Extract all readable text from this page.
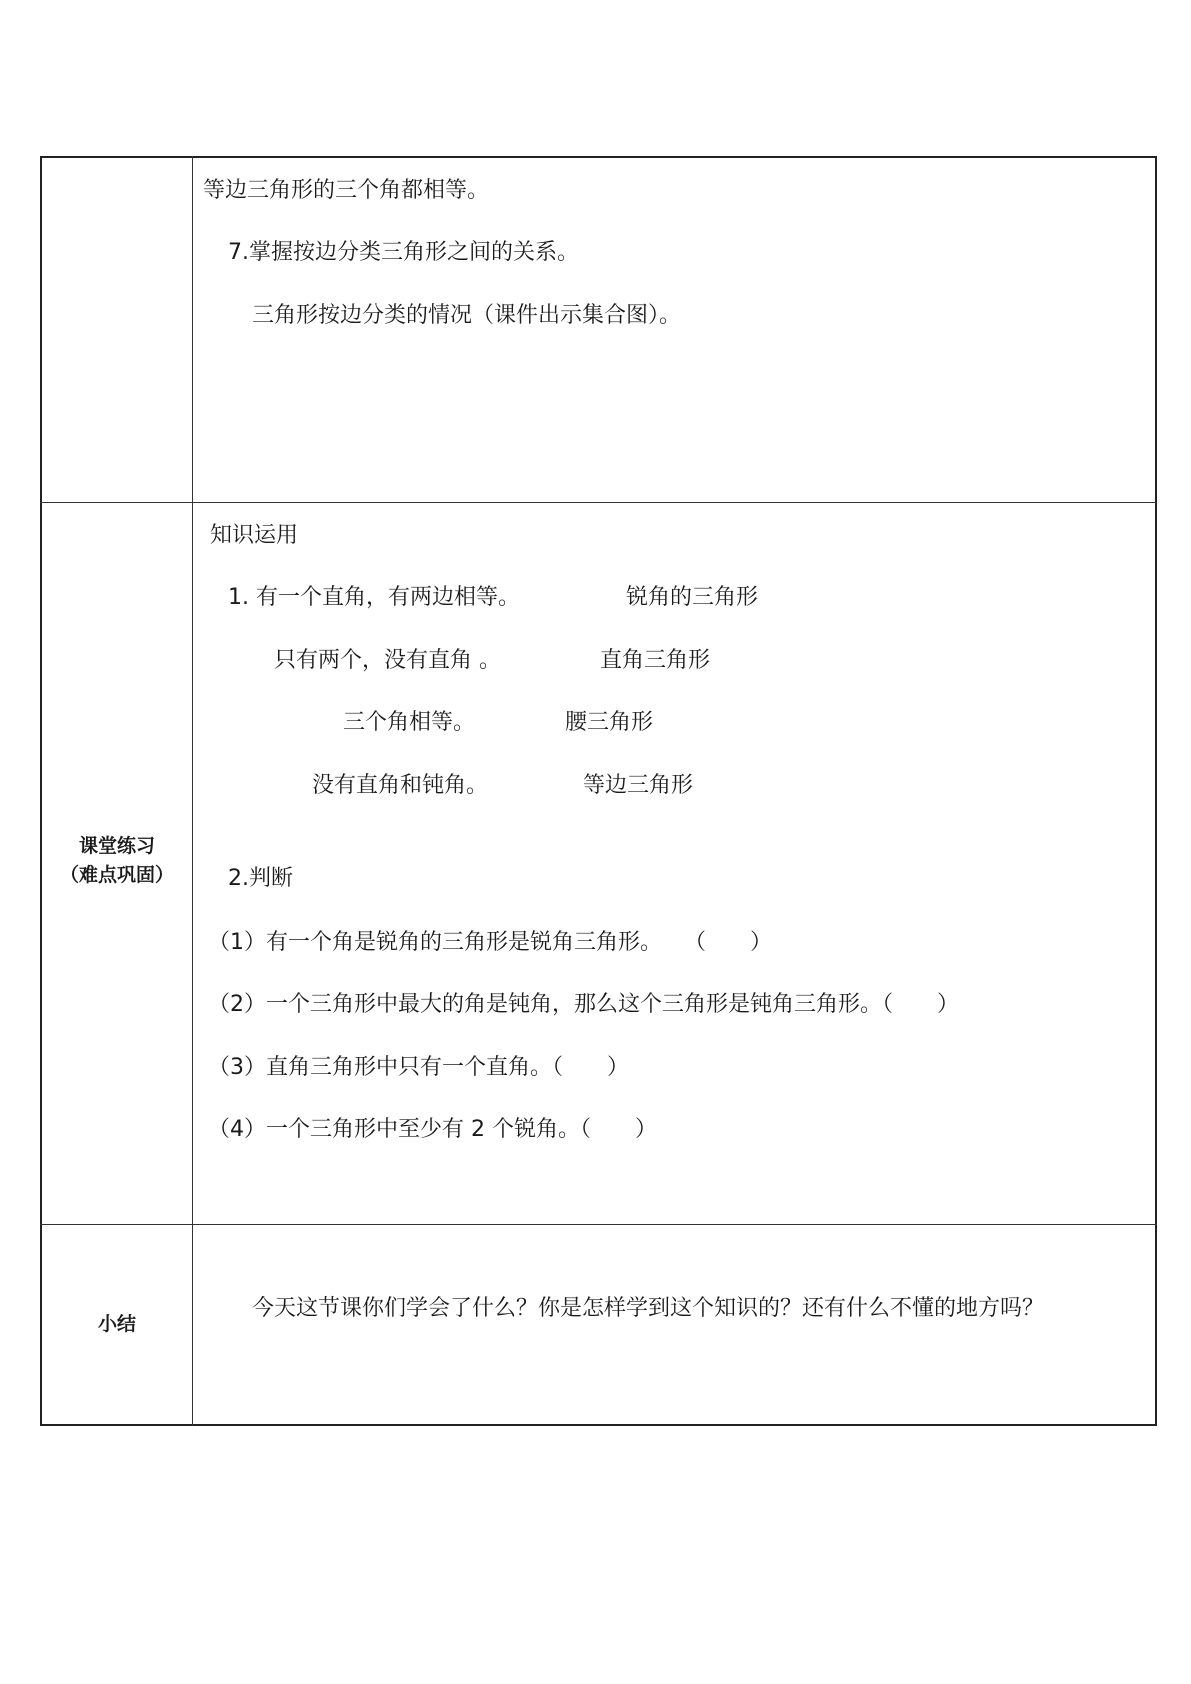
等边三角形的三个角都相等。
7.掌握按边分类三角形之间的关系。
三角形按边分类的情况（课件出示集合图）。
课堂练习
（难点巩固）
知识运用
1. 有一个直角，有两边相等。	锐角的三角形
只有两个，没有直角 。	直角三角形
三个角相等。	腰三角形
没有直角和钝角。	等边三角形
2.判断
（1）有一个角是锐角的三角形是锐角三角形。　　（　　）
（2）一个三角形中最大的角是钝角，那么这个三角形是钝角三角形。（　　）
（3）直角三角形中只有一个直角。（　　）
（4）一个三角形中至少有 2 个锐角。（　　）
小结
今天这节课你们学会了什么？你是怎样学到这个知识的？还有什么不懂的地方吗？
